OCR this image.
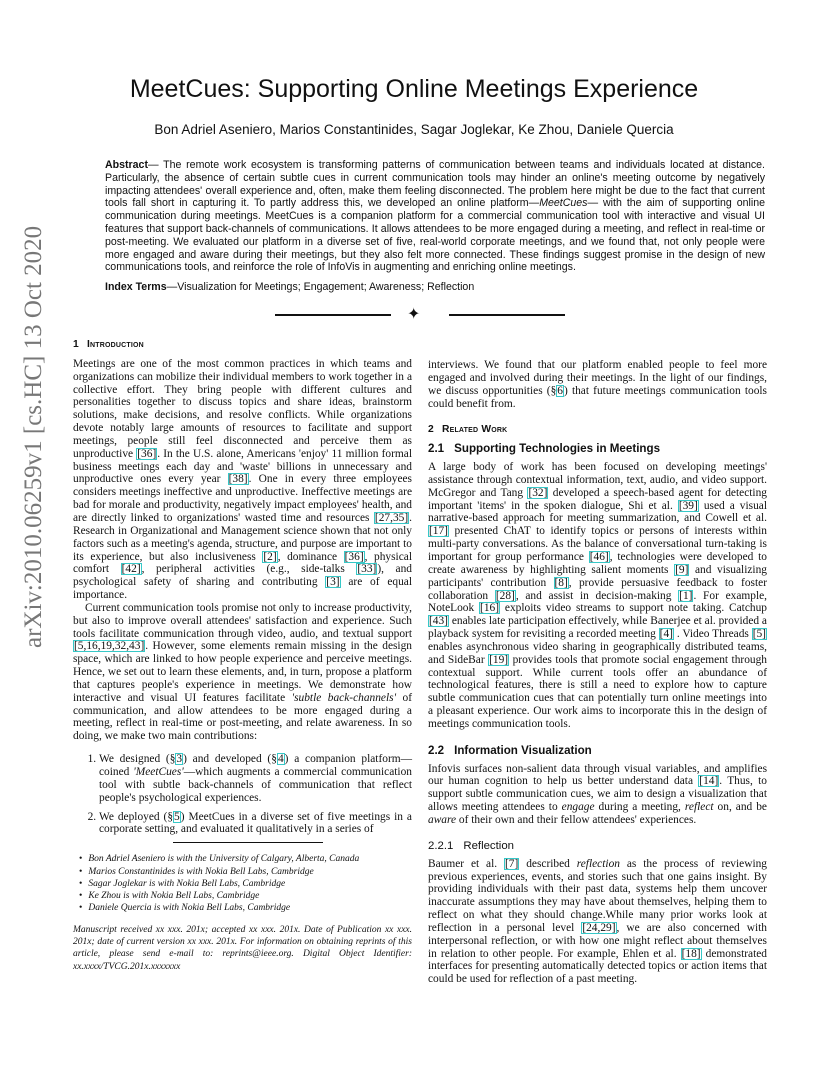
arXiv:2010.06259v1 [cs.HC] 13 Oct 2020
MeetCues: Supporting Online Meetings Experience
Bon Adriel Aseniero, Marios Constantinides, Sagar Joglekar, Ke Zhou, Daniele Quercia
Abstract— The remote work ecosystem is transforming patterns of communication between teams and individuals located at distance. Particularly, the absence of certain subtle cues in current communication tools may hinder an online's meeting outcome by negatively impacting attendees' overall experience and, often, make them feeling disconnected. The problem here might be due to the fact that current tools fall short in capturing it. To partly address this, we developed an online platform—MeetCues— with the aim of supporting online communication during meetings. MeetCues is a companion platform for a commercial communication tool with interactive and visual UI features that support back-channels of communications. It allows attendees to be more engaged during a meeting, and reflect in real-time or post-meeting. We evaluated our platform in a diverse set of five, real-world corporate meetings, and we found that, not only people were more engaged and aware during their meetings, but they also felt more connected. These findings suggest promise in the design of new communications tools, and reinforce the role of InfoVis in augmenting and enriching online meetings.
Index Terms—Visualization for Meetings; Engagement; Awareness; Reflection
✦
1 Introduction

Meetings are one of the most common practices in which teams and organizations can mobilize their individual members to work together in a collective effort. They bring people with different cultures and personalities together to discuss topics and share ideas, brainstorm solutions, make decisions, and resolve conflicts. While organizations devote notably large amounts of resources to facilitate and support meetings, people still feel disconnected and perceive them as unproductive [36]. In the U.S. alone, Americans 'enjoy' 11 million formal business meetings each day and 'waste' billions in unnecessary and unproductive ones every year [38]. One in every three employees considers meetings ineffective and unproductive. Ineffective meetings are bad for morale and productivity, negatively impact employees' health, and are directly linked to organizations' wasted time and resources [27,35]. Research in Organizational and Management science shown that not only factors such as a meeting's agenda, structure, and purpose are important to its experience, but also inclusiveness [2], dominance [36], physical comfort [42], peripheral activities (e.g., side-talks [33]), and psychological safety of sharing and contributing [3] are of equal importance.

Current communication tools promise not only to increase productivity, but also to improve overall attendees' satisfaction and experience. Such tools facilitate communication through video, audio, and textual support [5,16,19,32,43]. However, some elements remain missing in the design space, which are linked to how people experience and perceive meetings. Hence, we set out to learn these elements, and, in turn, propose a platform that captures people's experience in meetings. We demonstrate how interactive and visual UI features facilitate 'subtle back-channels' of communication, and allow attendees to be more engaged during a meeting, reflect in real-time or post-meeting, and relate awareness. In so doing, we make two main contributions:

1. We designed (§3) and developed (§4) a companion platform—coined 'MeetCues'—which augments a commercial communication tool with subtle back-channels of communication that reflect people's psychological experiences.
2. We deployed (§5) MeetCues in a diverse set of five meetings in a corporate setting, and evaluated it qualitatively in a series of
• Bon Adriel Aseniero is with the University of Calgary, Alberta, Canada
• Marios Constantinides is with Nokia Bell Labs, Cambridge
• Sagar Joglekar is with Nokia Bell Labs, Cambridge
• Ke Zhou is with Nokia Bell Labs, Cambridge
• Daniele Quercia is with Nokia Bell Labs, Cambridge
Manuscript received xx xxx. 201x; accepted xx xxx. 201x. Date of Publication xx xxx. 201x; date of current version xx xxx. 201x. For information on obtaining reprints of this article, please send e-mail to: reprints@ieee.org. Digital Object Identifier: xx.xxxx/TVCG.201x.xxxxxxx

interviews. We found that our platform enabled people to feel more engaged and involved during their meetings. In the light of our findings, we discuss opportunities (§6) that future meetings communication tools could benefit from.

2 Related Work
2.1 Supporting Technologies in Meetings

A large body of work has been focused on developing meetings' assistance through contextual information, text, audio, and video support. McGregor and Tang [32] developed a speech-based agent for detecting important 'items' in the spoken dialogue, Shi et al. [39] used a visual narrative-based approach for meeting summarization, and Cowell et al. [17] presented ChAT to identify topics or persons of interests within multi-party conversations. As the balance of conversational turn-taking is important for group performance [46], technologies were developed to create awareness by highlighting salient moments [9] and visualizing participants' contribution [8], provide persuasive feedback to foster collaboration [28], and assist in decision-making [1]. For example, NoteLook [16] exploits video streams to support note taking. Catchup [43] enables late participation effectively, while Banerjee et al. provided a playback system for revisiting a recorded meeting [4] . Video Threads [5] enables asynchronous video sharing in geographically distributed teams, and SideBar [19] provides tools that promote social engagement through contextual support. While current tools offer an abundance of technological features, there is still a need to explore how to capture subtle communication cues that can potentially turn online meetings into a pleasant experience. Our work aims to incorporate this in the design of meetings communication tools.

2.2 Information Visualization

Infovis surfaces non-salient data through visual variables, and amplifies our human cognition to help us better understand data [14]. Thus, to support subtle communication cues, we aim to design a visualization that allows meeting attendees to engage during a meeting, reflect on, and be aware of their own and their fellow attendees' experiences.

2.2.1 Reflection

Baumer et al. [7] described reflection as the process of reviewing previous experiences, events, and stories such that one gains insight. By providing individuals with their past data, systems help them uncover inaccurate assumptions they may have about themselves, helping them to reflect on what they should change.While many prior works look at reflection in a personal level [24,29], we are also concerned with interpersonal reflection, or with how one might reflect about themselves in relation to other people. For example, Ehlen et al. [18] demonstrated interfaces for presenting automatically detected topics or action items that could be used for reflection of a past meeting.
